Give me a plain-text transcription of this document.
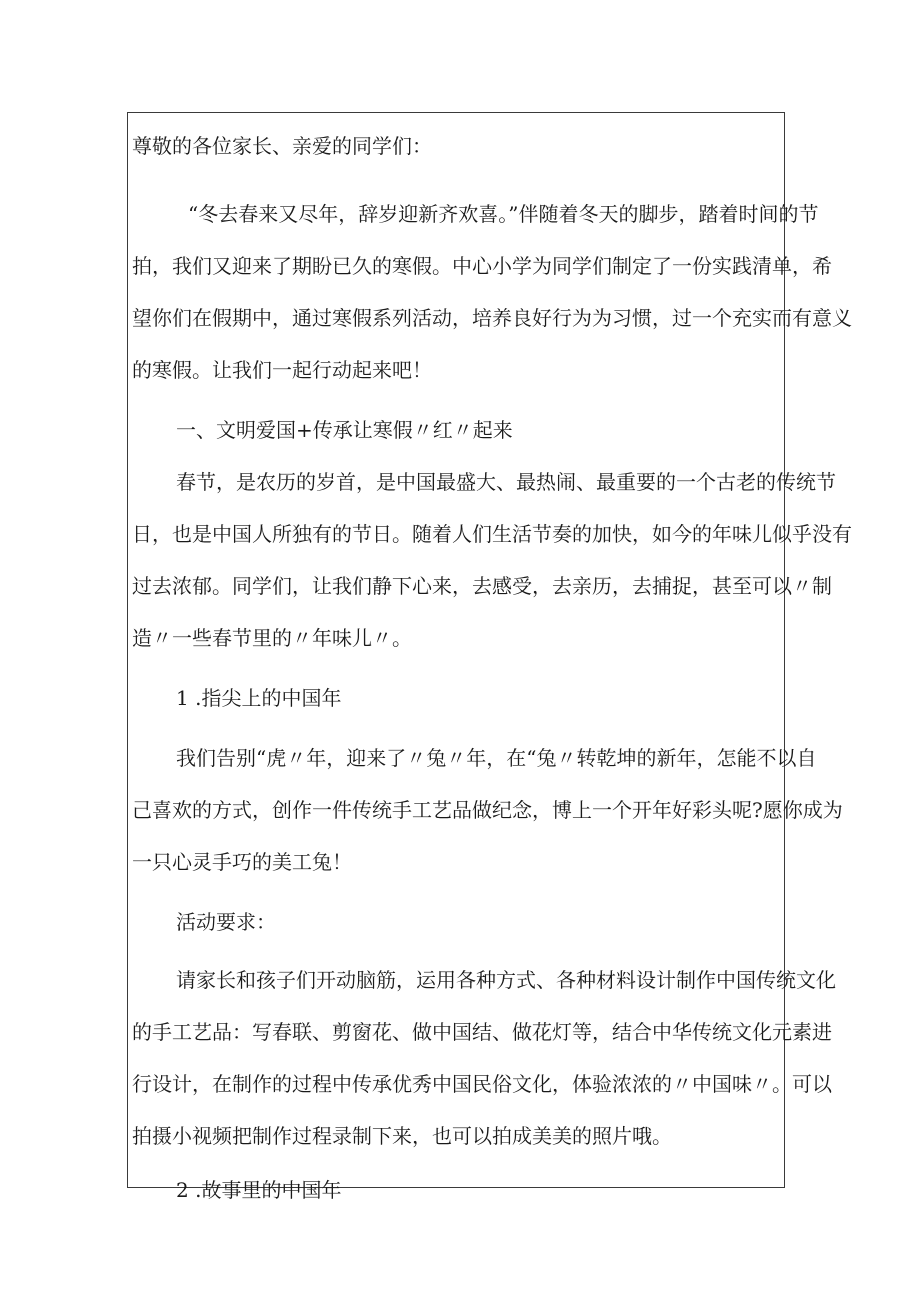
尊敬的各位家长、亲爱的同学们：
“冬去春来又尽年，辞岁迎新齐欢喜。”伴随着冬天的脚步，踏着时间的节
拍，我们又迎来了期盼已久的寒假。中心小学为同学们制定了一份实践清单，希
望你们在假期中，通过寒假系列活动，培养良好行为为习惯，过一个充实而有意义
的寒假。让我们一起行动起来吧！
一、文明爱国+传承让寒假〃红〃起来
春节，是农历的岁首，是中国最盛大、最热闹、最重要的一个古老的传统节
日，也是中国人所独有的节日。随着人们生活节奏的加快，如今的年味儿似乎没有
过去浓郁。同学们，让我们静下心来，去感受，去亲历，去捕捉，甚至可以〃制
造〃一些春节里的〃年味儿〃。
1 .指尖上的中国年
我们告别“虎〃年，迎来了〃兔〃年，在“兔〃转乾坤的新年，怎能不以自
己喜欢的方式，创作一件传统手工艺品做纪念，博上一个开年好彩头呢?愿你成为
一只心灵手巧的美工兔！
活动要求：
请家长和孩子们开动脑筋，运用各种方式、各种材料设计制作中国传统文化
的手工艺品：写春联、剪窗花、做中国结、做花灯等，结合中华传统文化元素进
行设计，在制作的过程中传承优秀中国民俗文化，体验浓浓的〃中国味〃。可以
拍摄小视频把制作过程录制下来，也可以拍成美美的照片哦。
2 .故事里的中国年
